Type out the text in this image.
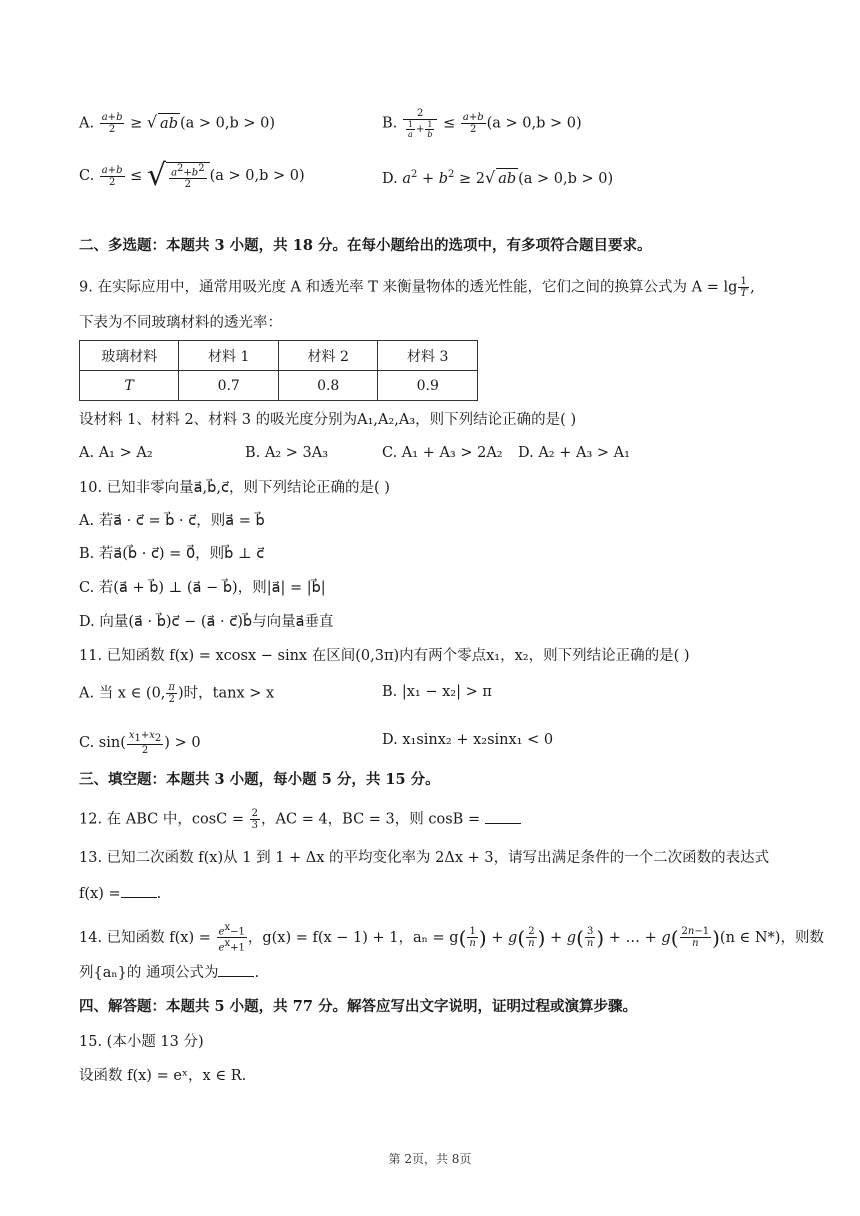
A. $\frac{a+b}{2}$ ≥ √ ab (a > 0,b > 0)	B. $\frac{2}{\frac{1}{a} + \frac{1}{b}} \le \frac{a+b}{2} (a > 0,b > 0)$
C. $\frac{a+b}{2}$ ≤ √ $\frac{a^2+b^2}{2} (a > 0,b > 0)$	D. $a^2 + b^2 \ge 2√$ ab (a > 0,b > 0)
二、多选题：本题共 3 小题，共 18 分。在每小题给出的选项中，有多项符合题目要求。
9. 在实际应用中，通常用吸光度 A 和透光率 T 来衡量物体的透光性能，它们之间的换算公式为 $A = \lg \frac{1}{T}$ ,
下表为不同玻璃材料的透光率：
玻璃材料	材料 1	材料 2	材料 3
T	0.7	0.8	0.9
设材料 1、材料 2、材料 3 的吸光度分别为A₁,A₂,A₃，则下列结论正确的是( )
A. A₁ > A₂	B. A₂ > 3A₃	C. A₁ + A₃ > 2A₂ D. A₂ + A₃ > A₁
10. 已知非零向量a⃗,b⃗,c⃗，则下列结论正确的是( )
A. 若a⃗ · c⃗ = b⃗ · c⃗，则a⃗ = b⃗
B. 若a⃗(b⃗ · c⃗) = 0⃗，则b⃗ ⊥ c⃗
C. 若(a⃗ + b⃗) ⊥ (a⃗ − b⃗)，则|a⃗| = |b⃗|
D. 向量(a⃗ · b⃗)c⃗ − (a⃗ · c⃗)b⃗与向量a⃗垂直
11. 已知函数 f(x) = xcosx − sinx 在区间(0,3π)内有两个零点x₁，x₂，则下列结论正确的是( )
A. 当 x ∈ (0, $\frac{\pi}{2}$ )时，tanx > x	B. |x₁ − x₂| > π
C. $\sin( \frac{x_1+x_2}{2}$ ) > 0	D. x₁sinx₂ + x₂sinx₁ < 0
三、填空题：本题共 3 小题，每小题 5 分，共 15 分。
12. 在 ABC 中，$\cos C = \frac{2}{3}$ ，AC = 4，BC = 3，则 cosB =
13. 已知二次函数 f(x)从 1 到 1 + Δx 的平均变化率为 2Δx + 3，请写出满足条件的一个二次函数的表达式
f(x) = .
14. 已知函数 $f(x) = \frac{e^x-1}{e^x+1}$ ，g(x) = f(x − 1) + 1，$a_n = g( \frac{1}{n}$ ) + $g( \frac{2}{n}$ ) + $g( \frac{3}{n}$ ) + … + $g( \frac{2n-1}{n} )(n$ ∈ N*)，则数
列{aₙ}的 通项公式为 .
四、解答题：本题共 5 小题，共 77 分。解答应写出文字说明，证明过程或演算步骤。
15. (本小题 13 分)
设函数 f(x) = eˣ，x ∈ R.
第 2页，共 8页
